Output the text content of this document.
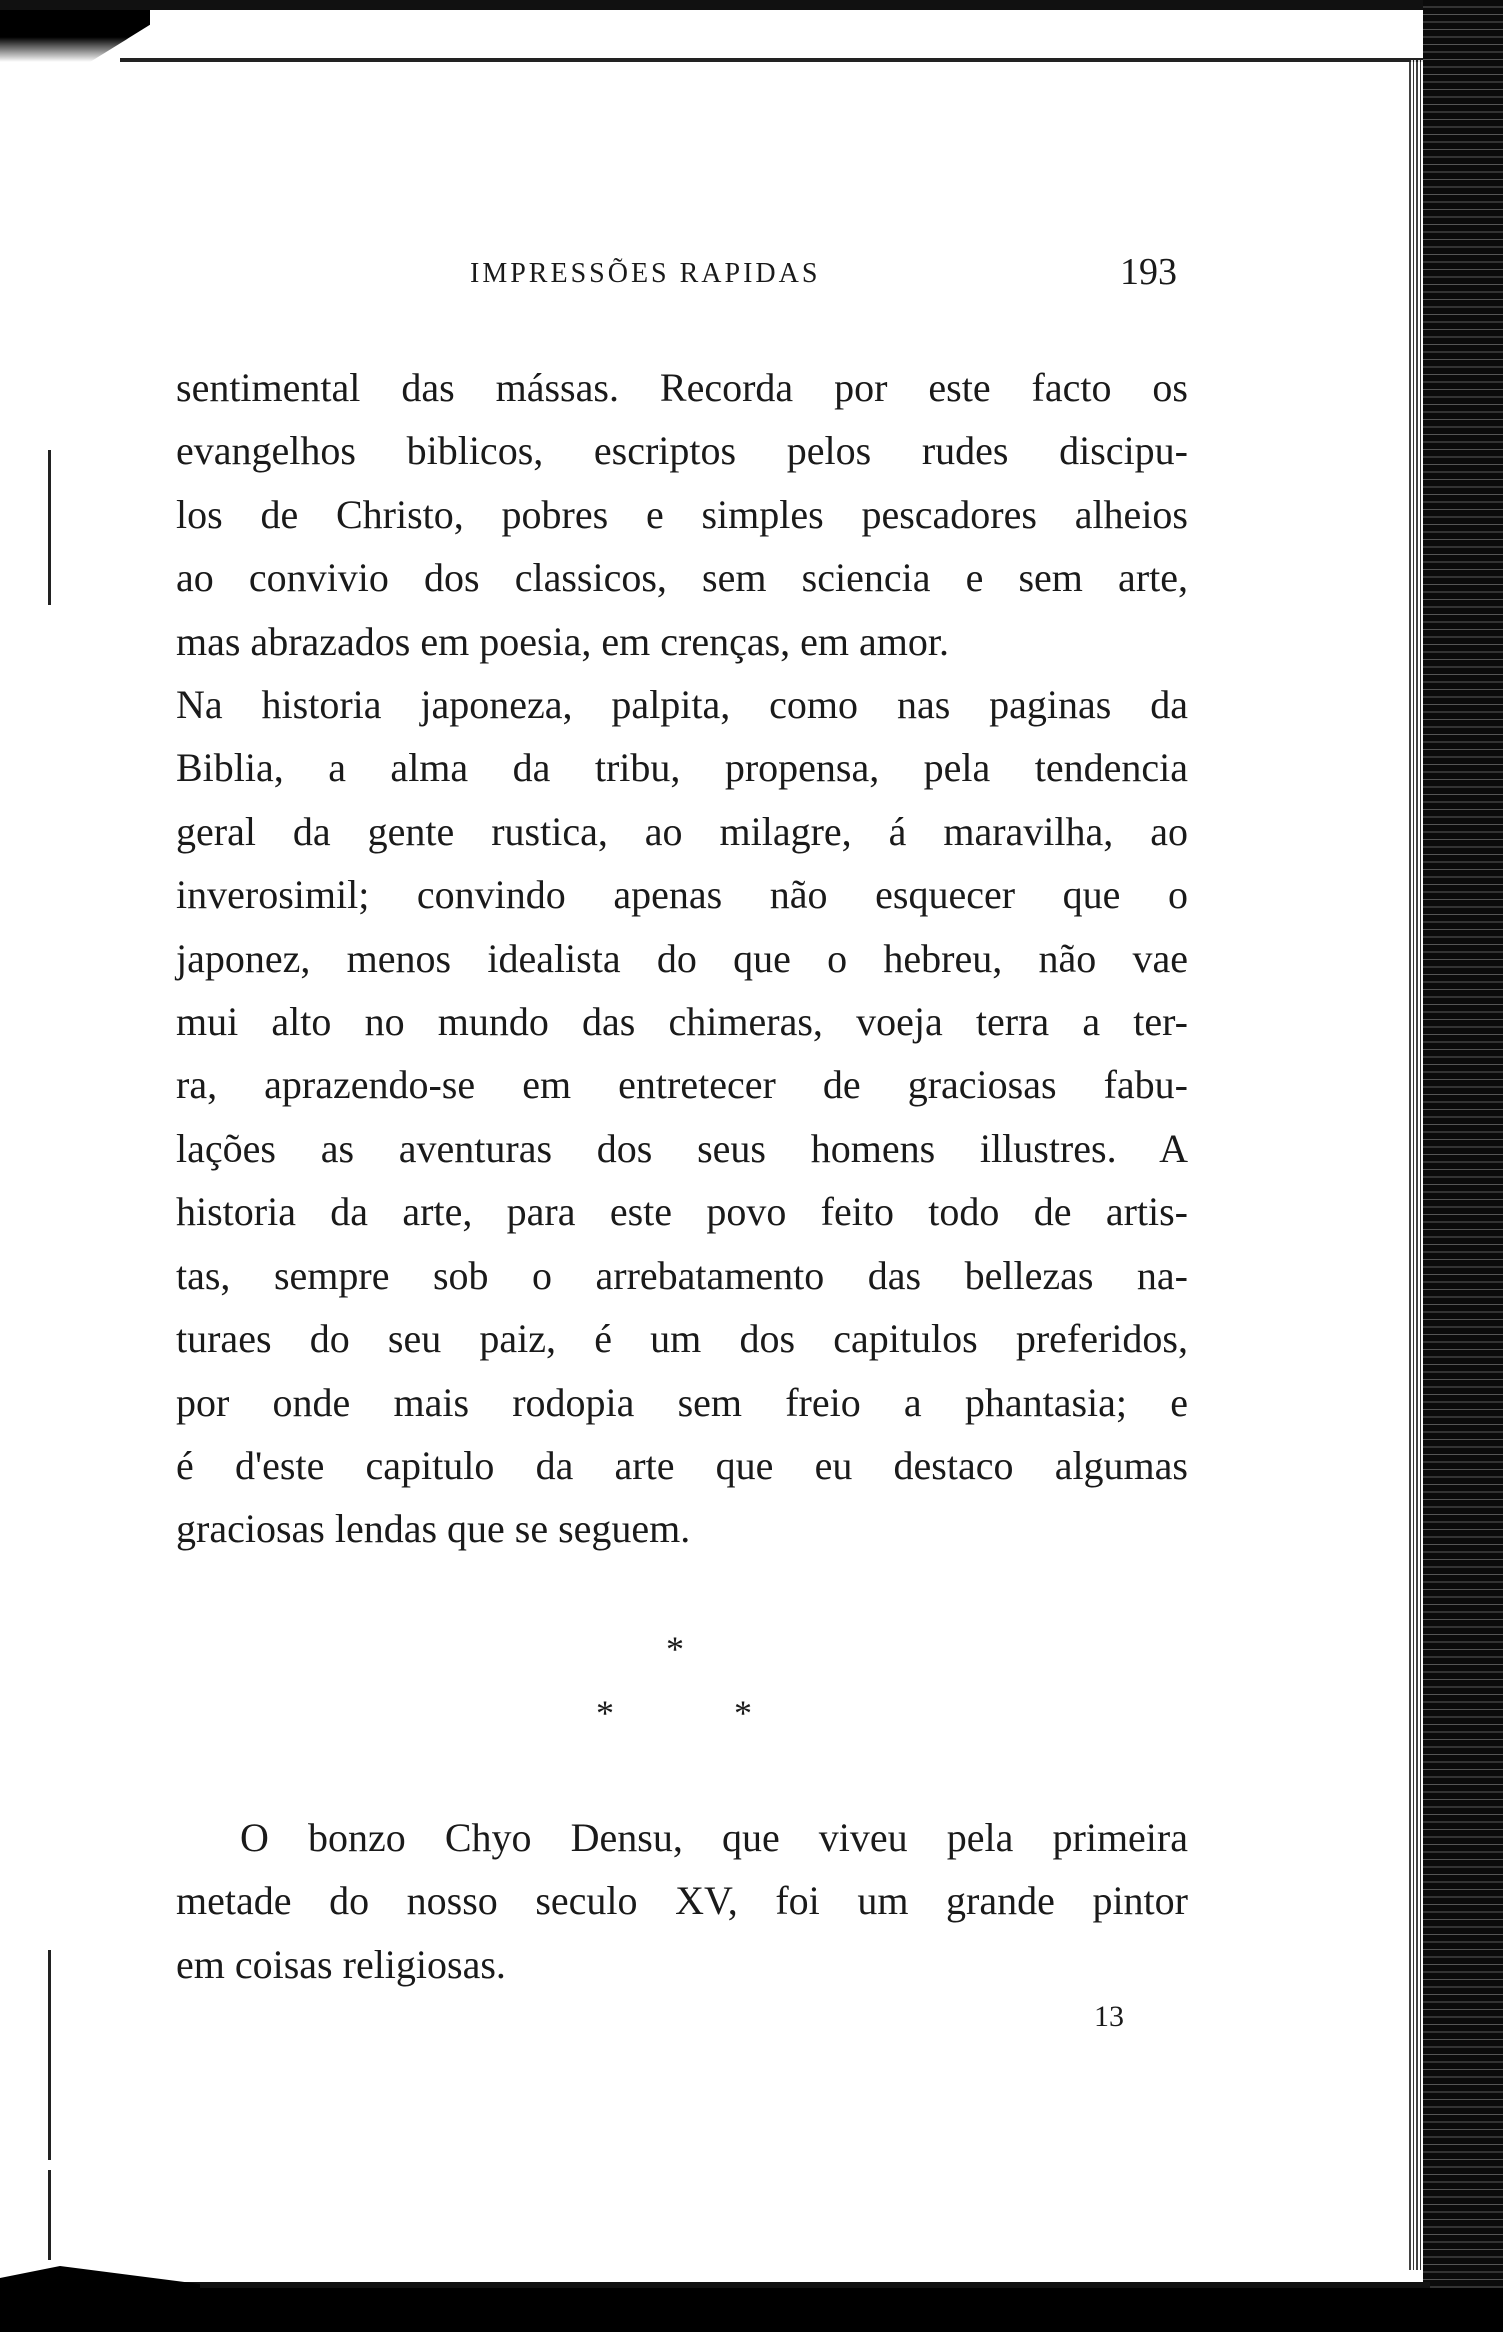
IMPRESSÕES RAPIDAS	193
sentimental das mássas. Recorda por este facto os
evangelhos biblicos, escriptos pelos rudes discipu-
los de Christo, pobres e simples pescadores alheios
ao convivio dos classicos, sem sciencia e sem arte,
mas abrazados em poesia, em crenças, em amor.
Na historia japoneza, palpita, como nas paginas da
Biblia, a alma da tribu, propensa, pela tendencia
geral da gente rustica, ao milagre, á maravilha, ao
inverosimil; convindo apenas não esquecer que o
japonez, menos idealista do que o hebreu, não vae
mui alto no mundo das chimeras, voeja terra a ter-
ra, aprazendo-se em entretecer de graciosas fabu-
lações as aventuras dos seus homens illustres. A
historia da arte, para este povo feito todo de artis-
tas, sempre sob o arrebatamento das bellezas na-
turaes do seu paiz, é um dos capitulos preferidos,
por onde mais rodopia sem freio a phantasia; e
é d'este capitulo da arte que eu destaco algumas
graciosas lendas que se seguem.
*
*	*
O bonzo Chyo Densu, que viveu pela primeira
metade do nosso seculo XV, foi um grande pintor
em coisas religiosas.
13
